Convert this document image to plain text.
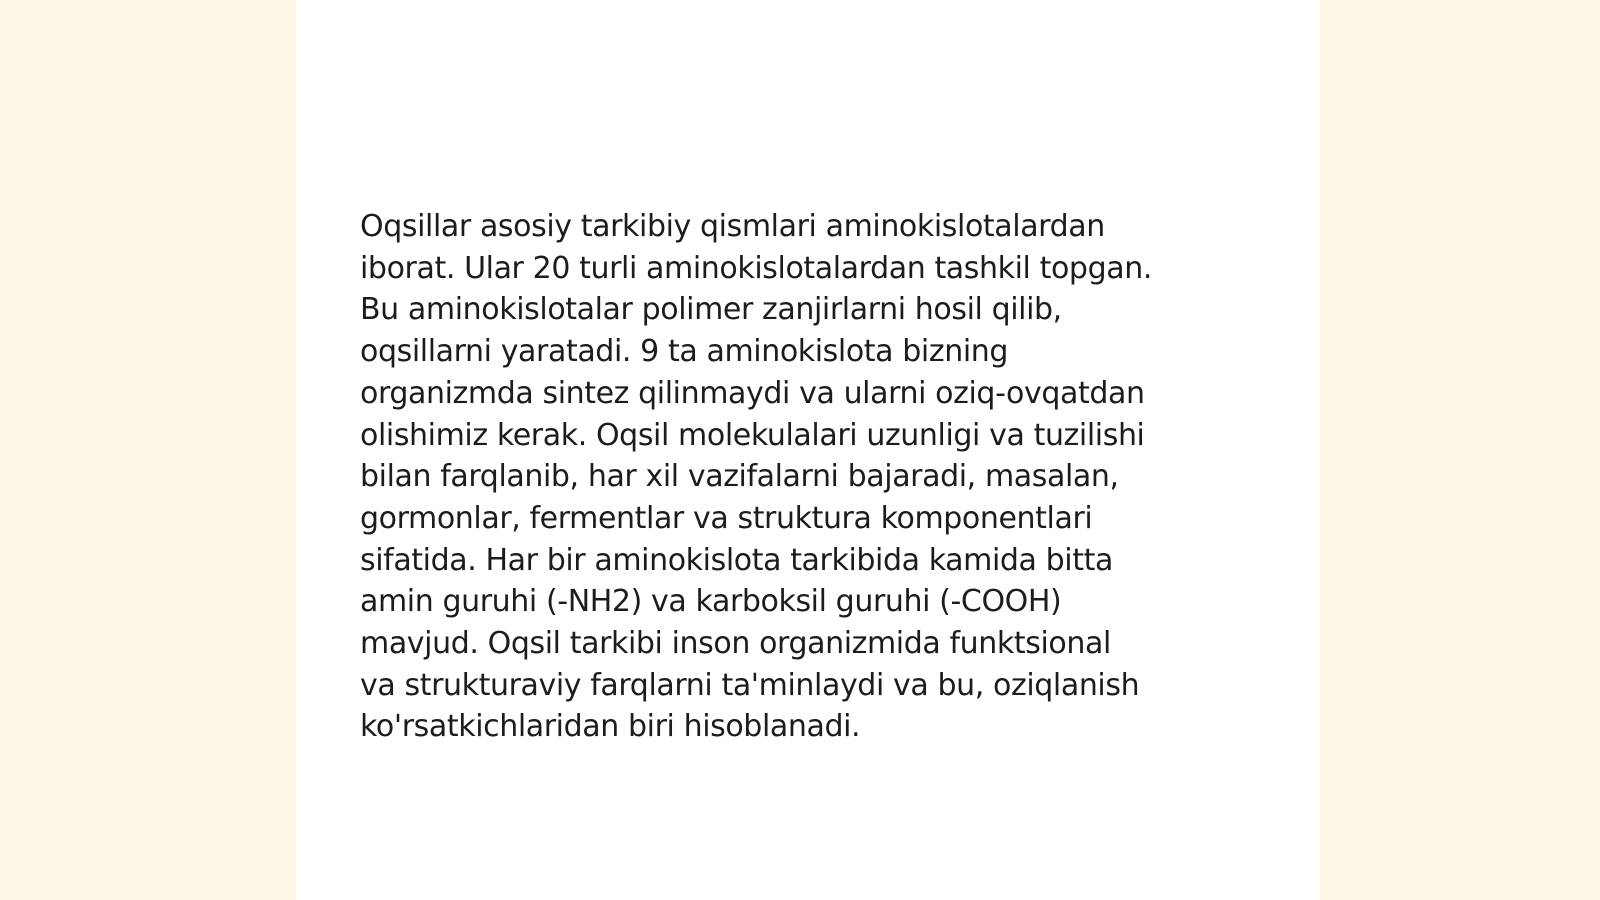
Oqsillar asosiy tarkibiy qismlari aminokislotalardan
iborat. Ular 20 turli aminokislotalardan tashkil topgan.
Bu aminokislotalar polimer zanjirlarni hosil qilib,
oqsillarni yaratadi. 9 ta aminokislota bizning
organizmda sintez qilinmaydi va ularni oziq-ovqatdan
olishimiz kerak. Oqsil molekulalari uzunligi va tuzilishi
bilan farqlanib, har xil vazifalarni bajaradi, masalan,
gormonlar, fermentlar va struktura komponentlari
sifatida. Har bir aminokislota tarkibida kamida bitta
amin guruhi (-NH2) va karboksil guruhi (-COOH)
mavjud. Oqsil tarkibi inson organizmida funktsional
va strukturaviy farqlarni ta'minlaydi va bu, oziqlanish
ko'rsatkichlaridan biri hisoblanadi.
